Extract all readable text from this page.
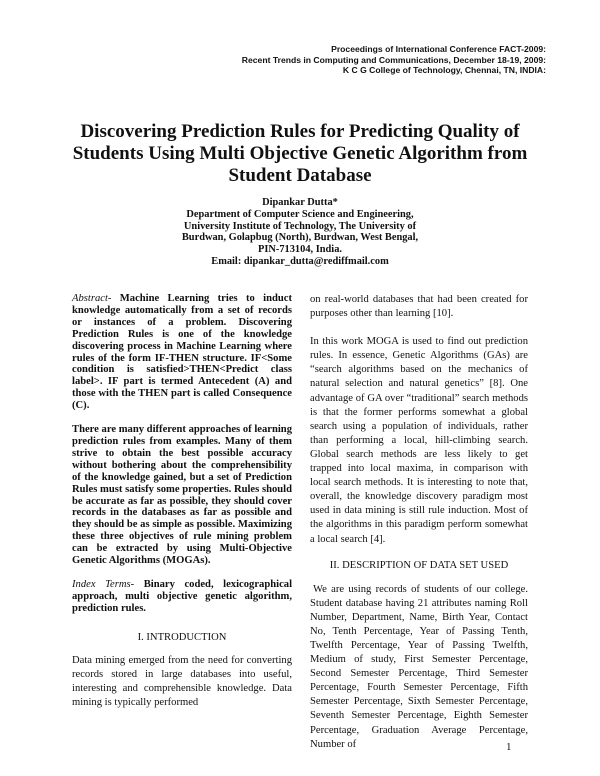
Proceedings of International Conference FACT-2009:
Recent Trends in Computing and Communications, December 18-19, 2009:
K C G College of Technology, Chennai, TN, INDIA:
Discovering Prediction Rules for Predicting Quality of
Students Using Multi Objective Genetic Algorithm from
Student Database
Dipankar Dutta*
Department of Computer Science and Engineering,
University Institute of Technology, The University of
Burdwan, Golapbug (North), Burdwan, West Bengal,
PIN-713104, India.
Email: dipankar_dutta@rediffmail.com

Abstract- Machine Learning tries to induct knowledge automatically from a set of records or instances of a problem. Discovering Prediction Rules is one of the knowledge discovering process in Machine Learning where rules of the form IF-THEN structure. IF<Some condition is satisfied>THEN<Predict class label>. IF part is termed Antecedent (A) and those with the THEN part is called Consequence (C).

There are many different approaches of learning prediction rules from examples. Many of them strive to obtain the best possible accuracy without bothering about the comprehensibility of the knowledge gained, but a set of Prediction Rules must satisfy some properties. Rules should be accurate as far as possible, they should cover records in the databases as far as possible and they should be as simple as possible. Maximizing these three objectives of rule mining problem can be extracted by using Multi-Objective Genetic Algorithms (MOGAs).

Index Terms- Binary coded, lexicographical approach, multi objective genetic algorithm, prediction rules.

I. INTRODUCTION

Data mining emerged from the need for converting records stored in large databases into useful, interesting and comprehensible knowledge. Data mining is typically performed

on real-world databases that had been created for purposes other than learning [10].

In this work MOGA is used to find out prediction rules. In essence, Genetic Algorithms (GAs) are “search algorithms based on the mechanics of natural selection and natural genetics” [8]. One advantage of GA over “traditional” search methods is that the former performs somewhat a global search using a population of individuals, rather than performing a local, hill-climbing search. Global search methods are less likely to get trapped into local maxima, in comparison with local search methods. It is interesting to note that, overall, the knowledge discovery paradigm most used in data mining is still rule induction. Most of the algorithms in this paradigm perform somewhat a local search [4].

II. DESCRIPTION OF DATA SET USED

We are using records of students of our college. Student database having 21 attributes naming Roll Number, Department, Name, Birth Year, Contact No, Tenth Percentage, Year of Passing Tenth, Twelfth Percentage, Year of Passing Twelfth, Medium of study, First Semester Percentage, Second Semester Percentage, Third Semester Percentage, Fourth Semester Percentage, Fifth Semester Percentage, Sixth Semester Percentage, Seventh Semester Percentage, Eighth Semester Percentage, Graduation Average Percentage, Number of	1
